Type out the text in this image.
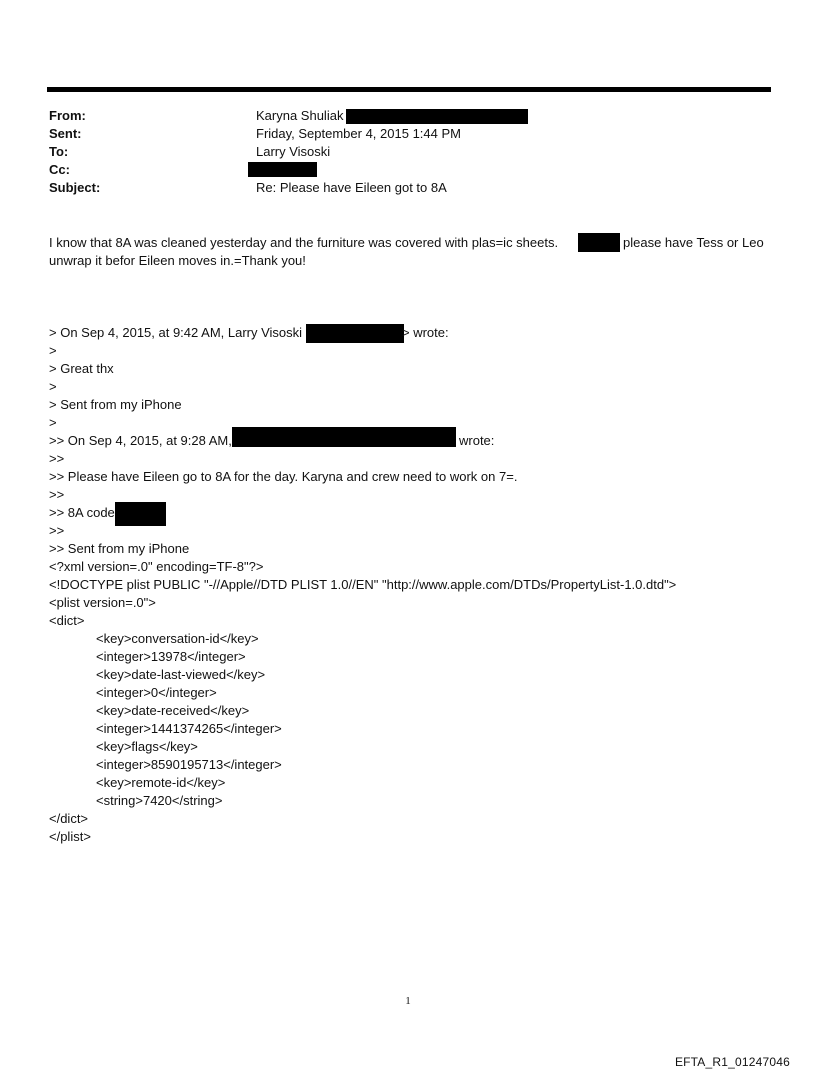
From:	Karyna Shuliak
Sent:	Friday, September 4, 2015 1:44 PM
To:	Larry Visoski
Cc:
Subject:	Re: Please have Eileen got to 8A
I know that 8A was cleaned yesterday and the furniture was covered with plas=ic sheets.	please have Tess or Leo
unwrap it befor Eileen moves in.=Thank you!
> On Sep 4, 2015, at 9:42 AM, Larry Visoski	> wrote:
>
> Great thx
>
> Sent from my iPhone
>
>> On Sep 4, 2015, at 9:28 AM,	wrote:
>>
>> Please have Eileen go to 8A for the day. Karyna and crew need to work on 7=.
>>
>> 8A code
>>
>> Sent from my iPhone
<?xml version=.0" encoding=TF-8"?>
<!DOCTYPE plist PUBLIC "-//Apple//DTD PLIST 1.0//EN" "http://www.apple.com/DTDs/PropertyList-1.0.dtd">
<plist version=.0">
<dict>
<key>conversation-id</key>
<integer>13978</integer>
<key>date-last-viewed</key>
<integer>0</integer>
<key>date-received</key>
<integer>1441374265</integer>
<key>flags</key>
<integer>8590195713</integer>
<key>remote-id</key>
<string>7420</string>
</dict>
</plist>
1
EFTA_R1_01247046
